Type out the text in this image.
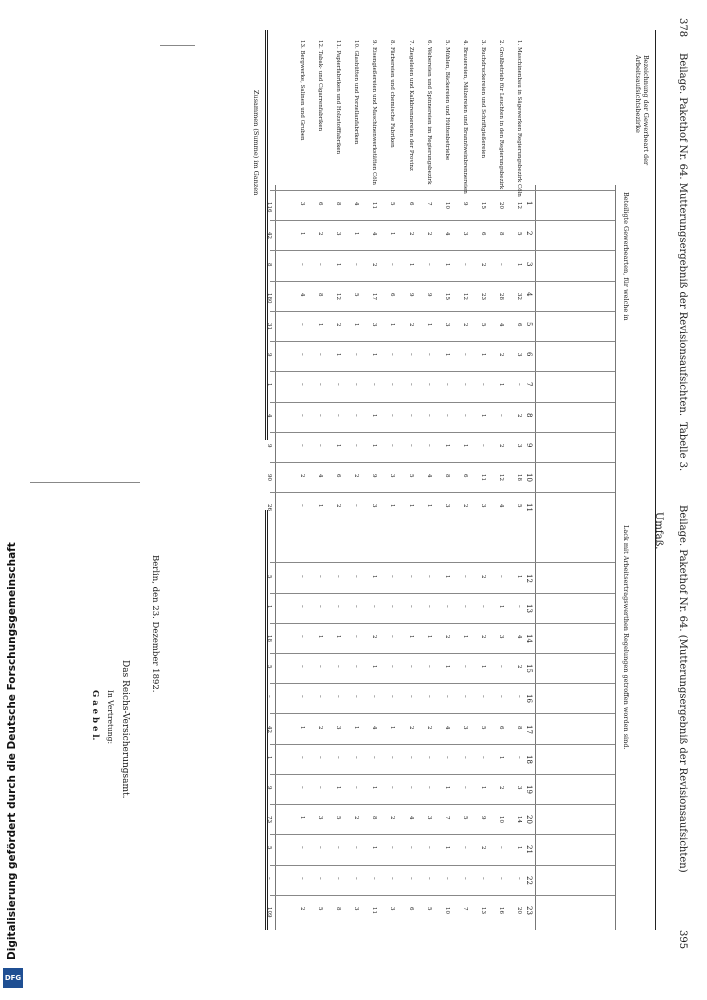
Digitalisierung gefördert durch die Deutsche Forschungsgemeinschaft
DFG
378     Beilage. Pakethof Nr. 64. Mutterungsergebniß der Revisionsaufsichten.
Beilage. Pakethof Nr. 64. (Mutterungsergebniß der Revisionsaufsichten)
395
Tabelle 3.
Umfaß.
Beteiligte Gewerbearten, für welche in
Lack mit Arbeitsertragswerthen Regelungen getroffen worden sind.
Bezeichnung der Gewerbeart der Arbeitsaufsichtsbezirke
1
2
3
4
5
6
7
8
9
10
11
12
13
14
15
16
17
18
19
20
21
22
23
1. Maschinenbau in Sägewerken Regierungsbezirk Cöln
12
5
1
32
6
3
–
2
3
18
5
1
–
4
2
–
8
–
3
14
1
–
20
2. Großbetrieb für Leuchten in den Regierungsbezirk
20
8
–
28
4
2
1
–
2
12
4
–
1
3
–
–
6
1
2
10
–
–
16
3. Buchdruckereien und Schriftgießereien
15
6
2
23
5
1
–
1
–
11
3
2
–
2
1
–
5
–
1
9
2
–
13
4. Brauereien, Mälzereien und Branntweinbrennereien
9
3
–
12
2
–
–
–
1
6
2
–
–
1
–
–
3
–
–
5
–
–
7
5. Mühlen, Bäckereien und Hüttenbetriebe
10
4
1
15
3
1
–
–
1
8
3
1
–
2
1
–
4
–
1
7
1
–
10
6. Webereien und Spinnereien im Regierungsbezirk
7
2
–
9
1
–
–
–
–
4
1
–
–
1
–
–
2
–
–
3
–
–
5
7. Ziegeleien und Kalkbrennereien der Provinz
6
2
1
9
2
–
–
–
–
5
1
–
–
1
–
–
2
–
–
4
–
–
6
8. Färbereien und chemische Fabriken
5
1
–
6
1
–
–
–
–
3
1
–
–
–
–
–
1
–
–
2
–
–
3
9. Eisengießereien und Maschinenwerkstätten Cöln
11
4
2
17
3
1
–
1
1
9
3
1
–
2
1
–
4
–
1
8
1
–
11
10. Glashütten und Porzellanfabriken
4
1
–
5
1
–
–
–
–
2
–
–
–
–
–
–
1
–
–
2
–
–
3
11. Papierfabriken und Holzstofffabriken
8
3
1
12
2
1
–
–
1
6
2
–
–
1
–
–
3
–
1
5
–
–
8
12. Tabak- und Cigarrenfabriken
6
2
–
8
1
–
–
–
–
4
1
–
–
1
–
–
2
–
–
3
–
–
5
13. Bergwerke, Salinen und Gruben
3
1
–
4
–
–
–
–
–
2
–
–
–
–
–
–
1
–
–
1
–
–
2
116
42
8
180
31
9
1
4
9
90
26
5
1
18
5
–
42
1
9
73
5
–
109
Zusammen (Summe) im Ganzen
Berlin, den 23. Dezember 1892.
Das Reichs-Versicherungsamt.
In Vertretung:
G a e b e l.
